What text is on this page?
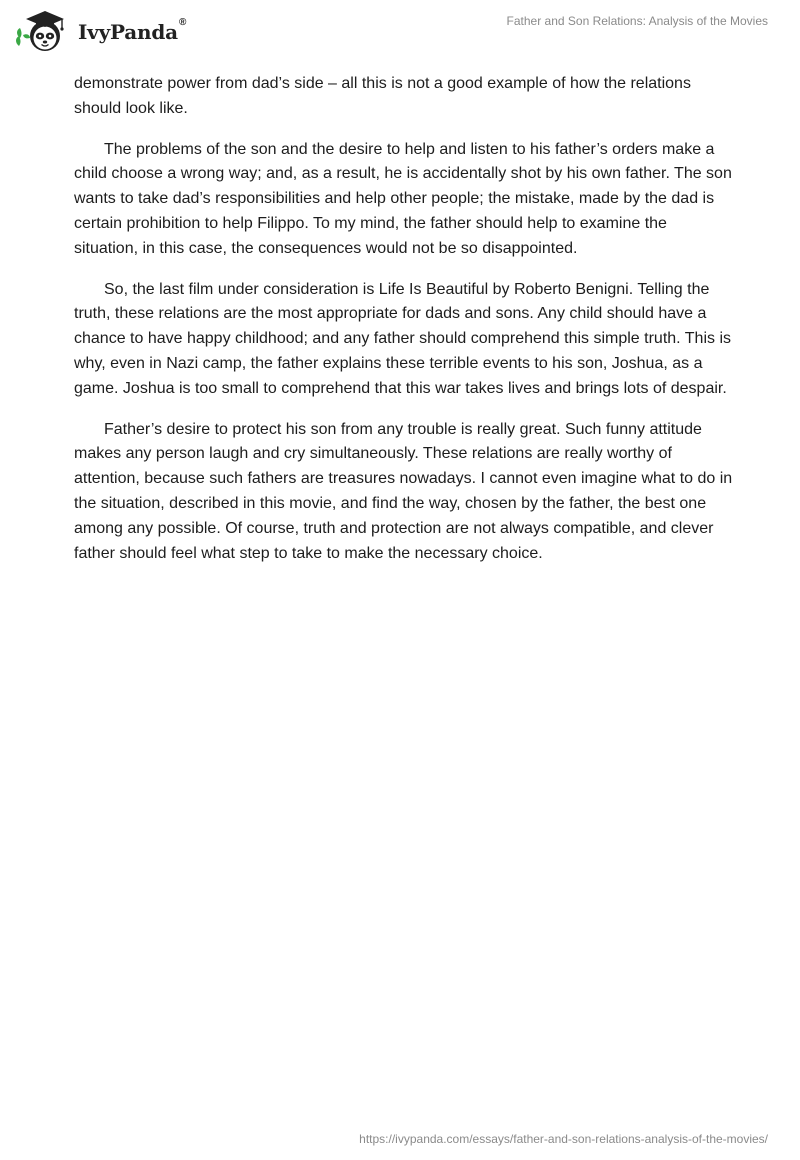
IvyPanda®	Father and Son Relations: Analysis of the Movies

demonstrate power from dad’s side – all this is not a good example of how the relations should look like.

The problems of the son and the desire to help and listen to his father’s orders make a child choose a wrong way; and, as a result, he is accidentally shot by his own father. The son wants to take dad’s responsibilities and help other people; the mistake, made by the dad is certain prohibition to help Filippo. To my mind, the father should help to examine the situation, in this case, the consequences would not be so disappointed.

So, the last film under consideration is Life Is Beautiful by Roberto Benigni. Telling the truth, these relations are the most appropriate for dads and sons. Any child should have a chance to have happy childhood; and any father should comprehend this simple truth. This is why, even in Nazi camp, the father explains these terrible events to his son, Joshua, as a game. Joshua is too small to comprehend that this war takes lives and brings lots of despair.

Father’s desire to protect his son from any trouble is really great. Such funny attitude makes any person laugh and cry simultaneously. These relations are really worthy of attention, because such fathers are treasures nowadays. I cannot even imagine what to do in the situation, described in this movie, and find the way, chosen by the father, the best one among any possible. Of course, truth and protection are not always compatible, and clever father should feel what step to take to make the necessary choice.

https://ivypanda.com/essays/father-and-son-relations-analysis-of-the-movies/
